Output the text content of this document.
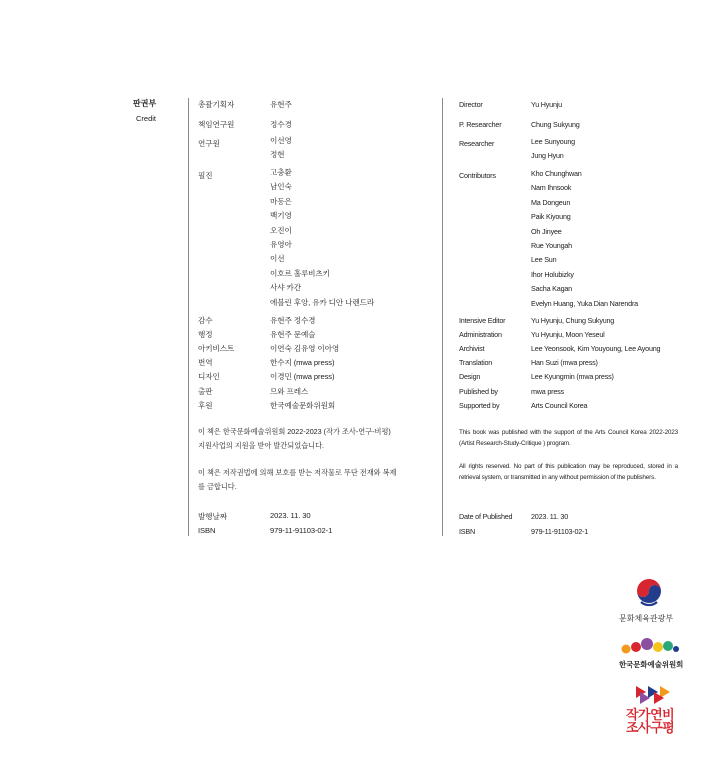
판권부
Credit
총괄기획자	유현주
책임연구원	정수경
연구원	이선영
정현
필진	고충환
남인숙
마동은
백기영
오진이
유영아
이선
이호르 홀루비츠키
사샤 카간
에블린 후앙, 유카 디안 나렌드라
감수	유현주 정수경
행정	유현주 문예슬
아키비스트	이연숙 김유영 이아영
번역	한수지 (mwa press)
디자인	이경민 (mwa press)
출판	므와 프레스
후원	한국예술문화위원회
이 책은 한국문화예술위원회 2022-2023 (작가 조사-연구-비평)
지원사업의 지원을 받아 발간되었습니다.
이 책은 저작권법에 의해 보호를 받는 저작물로 무단 전재와 복제
를 금합니다.
발행날짜	2023. 11. 30
ISBN	979-11-91103-02-1
Director	Yu Hyunju
P. Researcher	Chung Sukyung
Researcher	Lee Sunyoung
Jung Hyun
Contributors	Kho Chunghwan
Nam Ihnsook
Ma Dongeun
Paik Kiyoung
Oh Jinyee
Rue Youngah
Lee Sun
Ihor Holubizky
Sacha Kagan
Evelyn Huang, Yuka Dian Narendra
Intensive Editor	Yu Hyunju, Chung Sukyung
Administration	Yu Hyunju, Moon Yeseul
Archivist	Lee Yeonsook, Kim Youyoung, Lee Ayoung
Translation	Han Suzi (mwa press)
Design	Lee Kyungmin (mwa press)
Published by	mwa press
Supported by	Arts Council Korea
This book was published with the support of the Arts Council Korea 2022-2023 (Artist Research-Study-Critique ) program.
All rights reserved. No part of this publication may be reproduced, stored in a retrieval system, or transmitted in any without permission of the publishers.
Date of Published	2023. 11. 30
ISBN	979-11-91103-02-1
문화체육관광부
한국문화예술위원회
작가연비
조사구평
